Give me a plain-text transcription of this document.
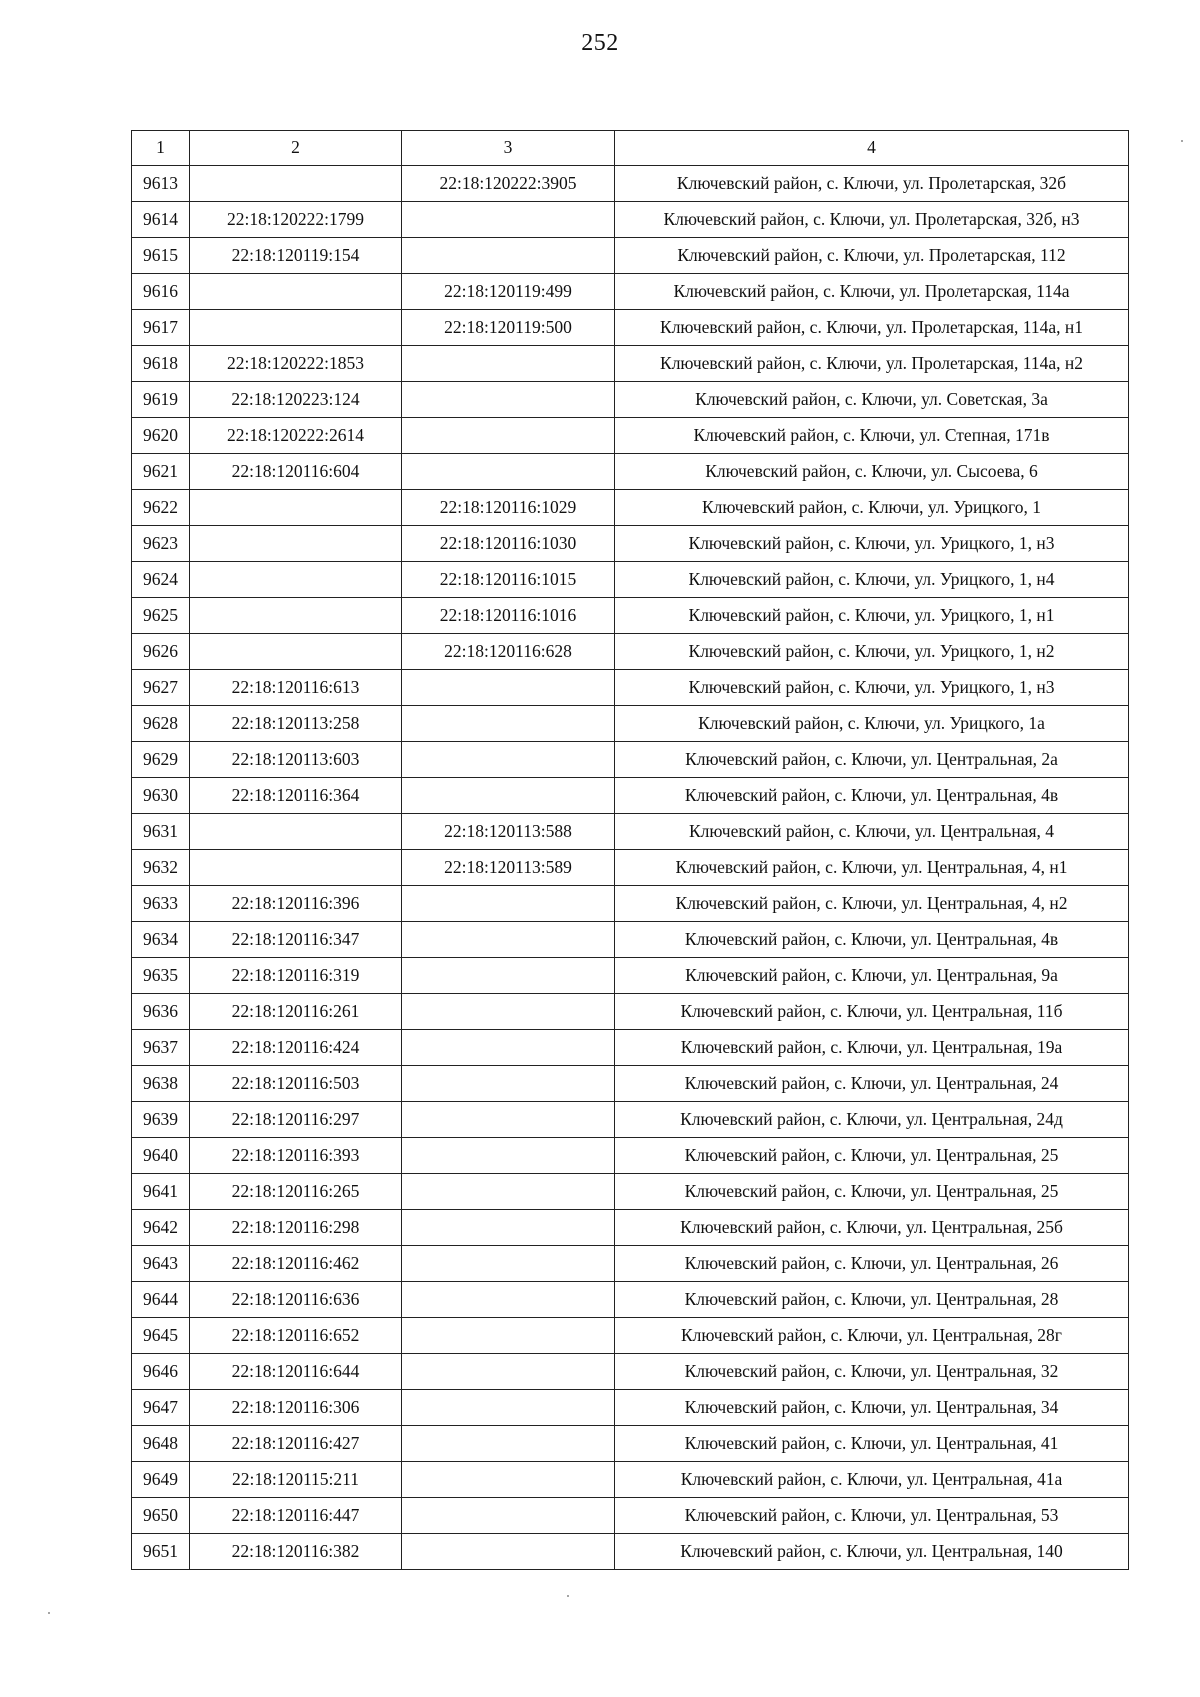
252
1	2	3	4
9613		22:18:120222:3905	Ключевский район, с. Ключи, ул. Пролетарская, 32б
9614	22:18:120222:1799		Ключевский район, с. Ключи, ул. Пролетарская, 32б, н3
9615	22:18:120119:154		Ключевский район, с. Ключи, ул. Пролетарская, 112
9616		22:18:120119:499	Ключевский район, с. Ключи, ул. Пролетарская, 114а
9617		22:18:120119:500	Ключевский район, с. Ключи, ул. Пролетарская, 114а, н1
9618	22:18:120222:1853		Ключевский район, с. Ключи, ул. Пролетарская, 114а, н2
9619	22:18:120223:124		Ключевский район, с. Ключи, ул. Советская, 3а
9620	22:18:120222:2614		Ключевский район, с. Ключи, ул. Степная, 171в
9621	22:18:120116:604		Ключевский район, с. Ключи, ул. Сысоева, 6
9622		22:18:120116:1029	Ключевский район, с. Ключи, ул. Урицкого, 1
9623		22:18:120116:1030	Ключевский район, с. Ключи, ул. Урицкого, 1, н3
9624		22:18:120116:1015	Ключевский район, с. Ключи, ул. Урицкого, 1, н4
9625		22:18:120116:1016	Ключевский район, с. Ключи, ул. Урицкого, 1, н1
9626		22:18:120116:628	Ключевский район, с. Ключи, ул. Урицкого, 1, н2
9627	22:18:120116:613		Ключевский район, с. Ключи, ул. Урицкого, 1, н3
9628	22:18:120113:258		Ключевский район, с. Ключи, ул. Урицкого, 1а
9629	22:18:120113:603		Ключевский район, с. Ключи, ул. Центральная, 2а
9630	22:18:120116:364		Ключевский район, с. Ключи, ул. Центральная, 4в
9631		22:18:120113:588	Ключевский район, с. Ключи, ул. Центральная, 4
9632		22:18:120113:589	Ключевский район, с. Ключи, ул. Центральная, 4, н1
9633	22:18:120116:396		Ключевский район, с. Ключи, ул. Центральная, 4, н2
9634	22:18:120116:347		Ключевский район, с. Ключи, ул. Центральная, 4в
9635	22:18:120116:319		Ключевский район, с. Ключи, ул. Центральная, 9а
9636	22:18:120116:261		Ключевский район, с. Ключи, ул. Центральная, 11б
9637	22:18:120116:424		Ключевский район, с. Ключи, ул. Центральная, 19а
9638	22:18:120116:503		Ключевский район, с. Ключи, ул. Центральная, 24
9639	22:18:120116:297		Ключевский район, с. Ключи, ул. Центральная, 24д
9640	22:18:120116:393		Ключевский район, с. Ключи, ул. Центральная, 25
9641	22:18:120116:265		Ключевский район, с. Ключи, ул. Центральная, 25
9642	22:18:120116:298		Ключевский район, с. Ключи, ул. Центральная, 25б
9643	22:18:120116:462		Ключевский район, с. Ключи, ул. Центральная, 26
9644	22:18:120116:636		Ключевский район, с. Ключи, ул. Центральная, 28
9645	22:18:120116:652		Ключевский район, с. Ключи, ул. Центральная, 28г
9646	22:18:120116:644		Ключевский район, с. Ключи, ул. Центральная, 32
9647	22:18:120116:306		Ключевский район, с. Ключи, ул. Центральная, 34
9648	22:18:120116:427		Ключевский район, с. Ключи, ул. Центральная, 41
9649	22:18:120115:211		Ключевский район, с. Ключи, ул. Центральная, 41а
9650	22:18:120116:447		Ключевский район, с. Ключи, ул. Центральная, 53
9651	22:18:120116:382		Ключевский район, с. Ключи, ул. Центральная, 140
